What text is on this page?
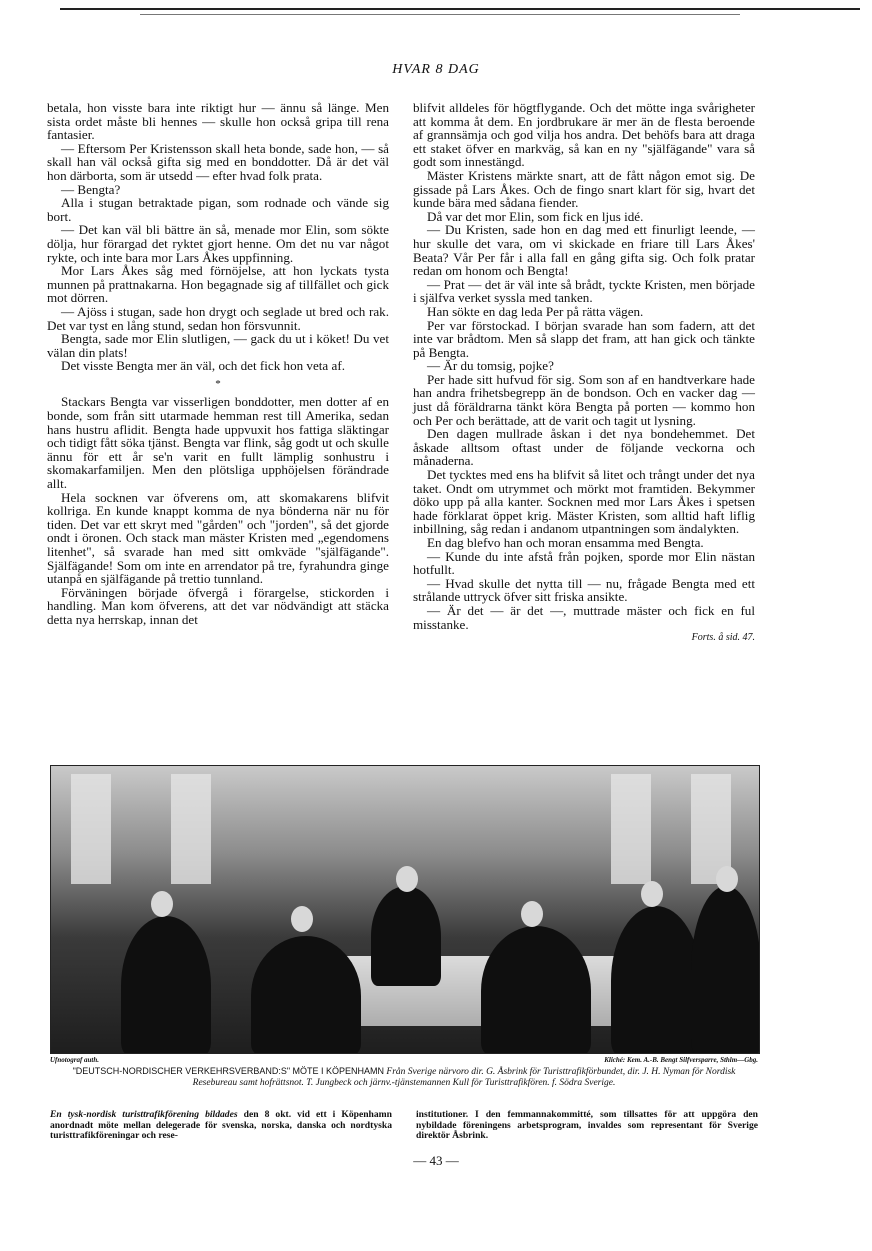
HVAR 8 DAG

betala, hon visste bara inte riktigt hur — ännu så länge. Men sista ordet måste bli hennes — skulle hon också gripa till rena fantasier.

— Eftersom Per Kristensson skall heta bonde, sade hon, — så skall han väl också gifta sig med en bonddotter. Då är det väl hon därborta, som är utsedd — efter hvad folk prata.

— Bengta?

Alla i stugan betraktade pigan, som rodnade och vände sig bort.

— Det kan väl bli bättre än så, menade mor Elin, som sökte dölja, hur förargad det ryktet gjort henne. Om det nu var något rykte, och inte bara mor Lars Åkes uppfinning.

Mor Lars Åkes såg med förnöjelse, att hon lyckats tysta munnen på prattnakarna. Hon begagnade sig af tillfället och gick mot dörren.

— Ajöss i stugan, sade hon drygt och seglade ut bred och rak. Det var tyst en lång stund, sedan hon försvunnit.

Bengta, sade mor Elin slutligen, — gack du ut i köket! Du vet välan din plats!

Det visste Bengta mer än väl, och det fick hon veta af.

*

Stackars Bengta var visserligen bonddotter, men dotter af en bonde, som från sitt utarmade hemman rest till Amerika, sedan hans hustru aflidit. Bengta hade uppvuxit hos fattiga släktingar och tidigt fått söka tjänst. Bengta var flink, såg godt ut och skulle ännu för ett år se'n varit en fullt lämplig sonhustru i skomakarfamiljen. Men den plötsliga upphöjelsen förändrade allt.

Hela socknen var öfverens om, att skomakarens blifvit kollriga. En kunde knappt komma de nya bönderna när nu för tiden. Det var ett skryt med "gården" och "jorden", så det gjorde ondt i öronen. Och stack man mäster Kristen med „egendomens litenhet", så svarade han med sitt omkväde "själfägande". Själfägande! Som om inte en arrendator på tre, fyrahundra ginge utanpå en själfägande på trettio tunnland.

Förväningen började öfvergå i förargelse, stickorden i handling. Man kom öfverens, att det var nödvändigt att stäcka detta nya herrskap, innan det

blifvit alldeles för högtflygande. Och det mötte inga svårigheter att komma åt dem. En jordbrukare är mer än de flesta beroende af grannsämja och god vilja hos andra. Det behöfs bara att draga ett staket öfver en markväg, så kan en ny "själfägande" vara så godt som innestängd.

Mäster Kristens märkte snart, att de fått någon emot sig. De gissade på Lars Åkes. Och de fingo snart klart för sig, hvart det kunde bära med sådana fiender.

Då var det mor Elin, som fick en ljus idé.

— Du Kristen, sade hon en dag med ett finurligt leende, — hur skulle det vara, om vi skickade en friare till Lars Åkes' Beata? Vår Per får i alla fall en gång gifta sig. Och folk pratar redan om honom och Bengta!

— Prat — det är väl inte så brådt, tyckte Kristen, men började i själfva verket syssla med tanken.

Han sökte en dag leda Per på rätta vägen.

Per var förstockad. I början svarade han som fadern, att det inte var brådtom. Men så slapp det fram, att han gick och tänkte på Bengta.

— Är du tomsig, pojke?

Per hade sitt hufvud för sig. Som son af en handtverkare hade han andra frihetsbegrepp än de bondson. Och en vacker dag — just då föräldrarna tänkt köra Bengta på porten — kommo hon och Per och berättade, att de varit och tagit ut lysning.

Den dagen mullrade åskan i det nya bondehemmet. Det åskade alltsom oftast under de följande veckorna och månaderna.

Det tycktes med ens ha blifvit så litet och trångt under det nya taket. Ondt om utrymmet och mörkt mot framtiden. Bekymmer döko upp på alla kanter. Socknen med mor Lars Åkes i spetsen hade förklarat öppet krig. Mäster Kristen, som alltid haft liflig inbillning, såg redan i andanom utpantningen som ändalykten.

En dag blefvo han och moran ensamma med Bengta.

— Kunde du inte afstå från pojken, sporde mor Elin nästan hotfullt.

— Hvad skulle det nytta till — nu, frågade Bengta med ett strålande uttryck öfver sitt friska ansikte.

— Är det — är det —, muttrade mäster och fick en ful misstanke.

Forts. å sid. 47.

Ufnotograf auth.	Kliché: Kem. A.-B. Bengt Silfversparre, Sthlm—Gbg.
"DEUTSCH-NORDISCHER VERKEHRSVERBAND:S" MÖTE I KÖPENHAMN Från Sverige närvoro dir. G. Åsbrink för Turisttrafikförbundet, dir. J. H. Nyman för Nordisk Resebureau samt hofrättsnot. T. Jungbeck och järnv.-tjänstemannen Kull för Turisttrafikfören. f. Södra Sverige.
En tysk-nordisk turisttrafikförening bildades den 8 okt. vid ett i Köpenhamn anordnadt möte mellan delegerade för svenska, norska, danska och nordtyska turisttrafikföreningar och rese-
institutioner. I den femmannakommitté, som tillsattes för att uppgöra den nybildade föreningens arbetsprogram, invaldes som representant för Sverige direktör Åsbrink.
— 43 —
